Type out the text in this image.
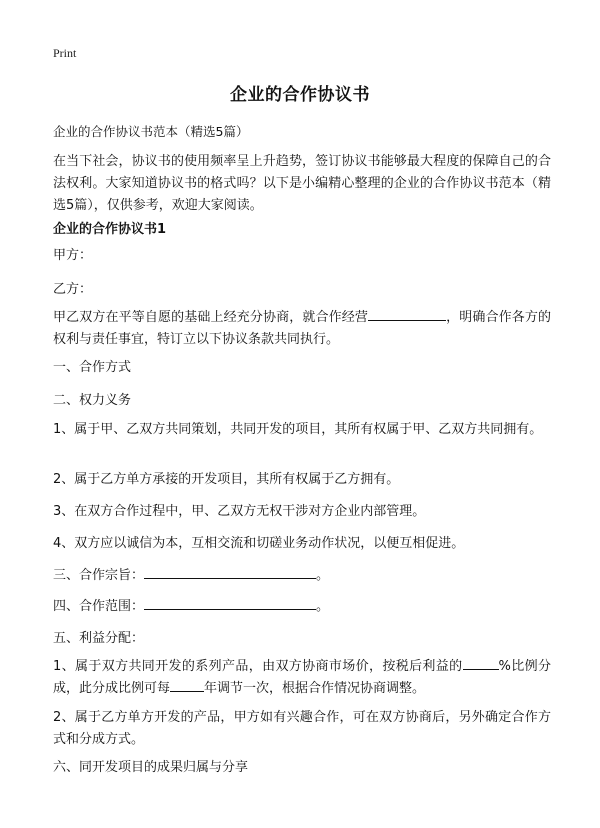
Print
企业的合作协议书
企业的合作协议书范本（精选5篇）

在当下社会，协议书的使用频率呈上升趋势，签订协议书能够最大程度的保障自己的合法权利。大家知道协议书的格式吗？以下是小编精心整理的企业的合作协议书范本（精选5篇），仅供参考，欢迎大家阅读。

企业的合作协议书1
甲方：
乙方：

甲乙双方在平等自愿的基础上经充分协商，就合作经营	，明确合作各方的权利与责任事宜，特订立以下协议条款共同执行。

一、合作方式
二、权力义务

1、属于甲、乙双方共同策划，共同开发的项目，其所有权属于甲、乙双方共同拥有。

2、属于乙方单方承接的开发项目，其所有权属于乙方拥有。
3、在双方合作过程中，甲、乙双方无权干涉对方企业内部管理。
4、双方应以诚信为本，互相交流和切磋业务动作状况，以便互相促进。
三、合作宗旨：	。
四、合作范围：	。
五、利益分配：

1、属于双方共同开发的系列产品，由双方协商市场价，按税后利益的	%比例分成，此分成比例可每	年调节一次，根据合作情况协商调整。

2、属于乙方单方开发的产品，甲方如有兴趣合作，可在双方协商后，另外确定合作方式和分成方式。

六、同开发项目的成果归属与分享
